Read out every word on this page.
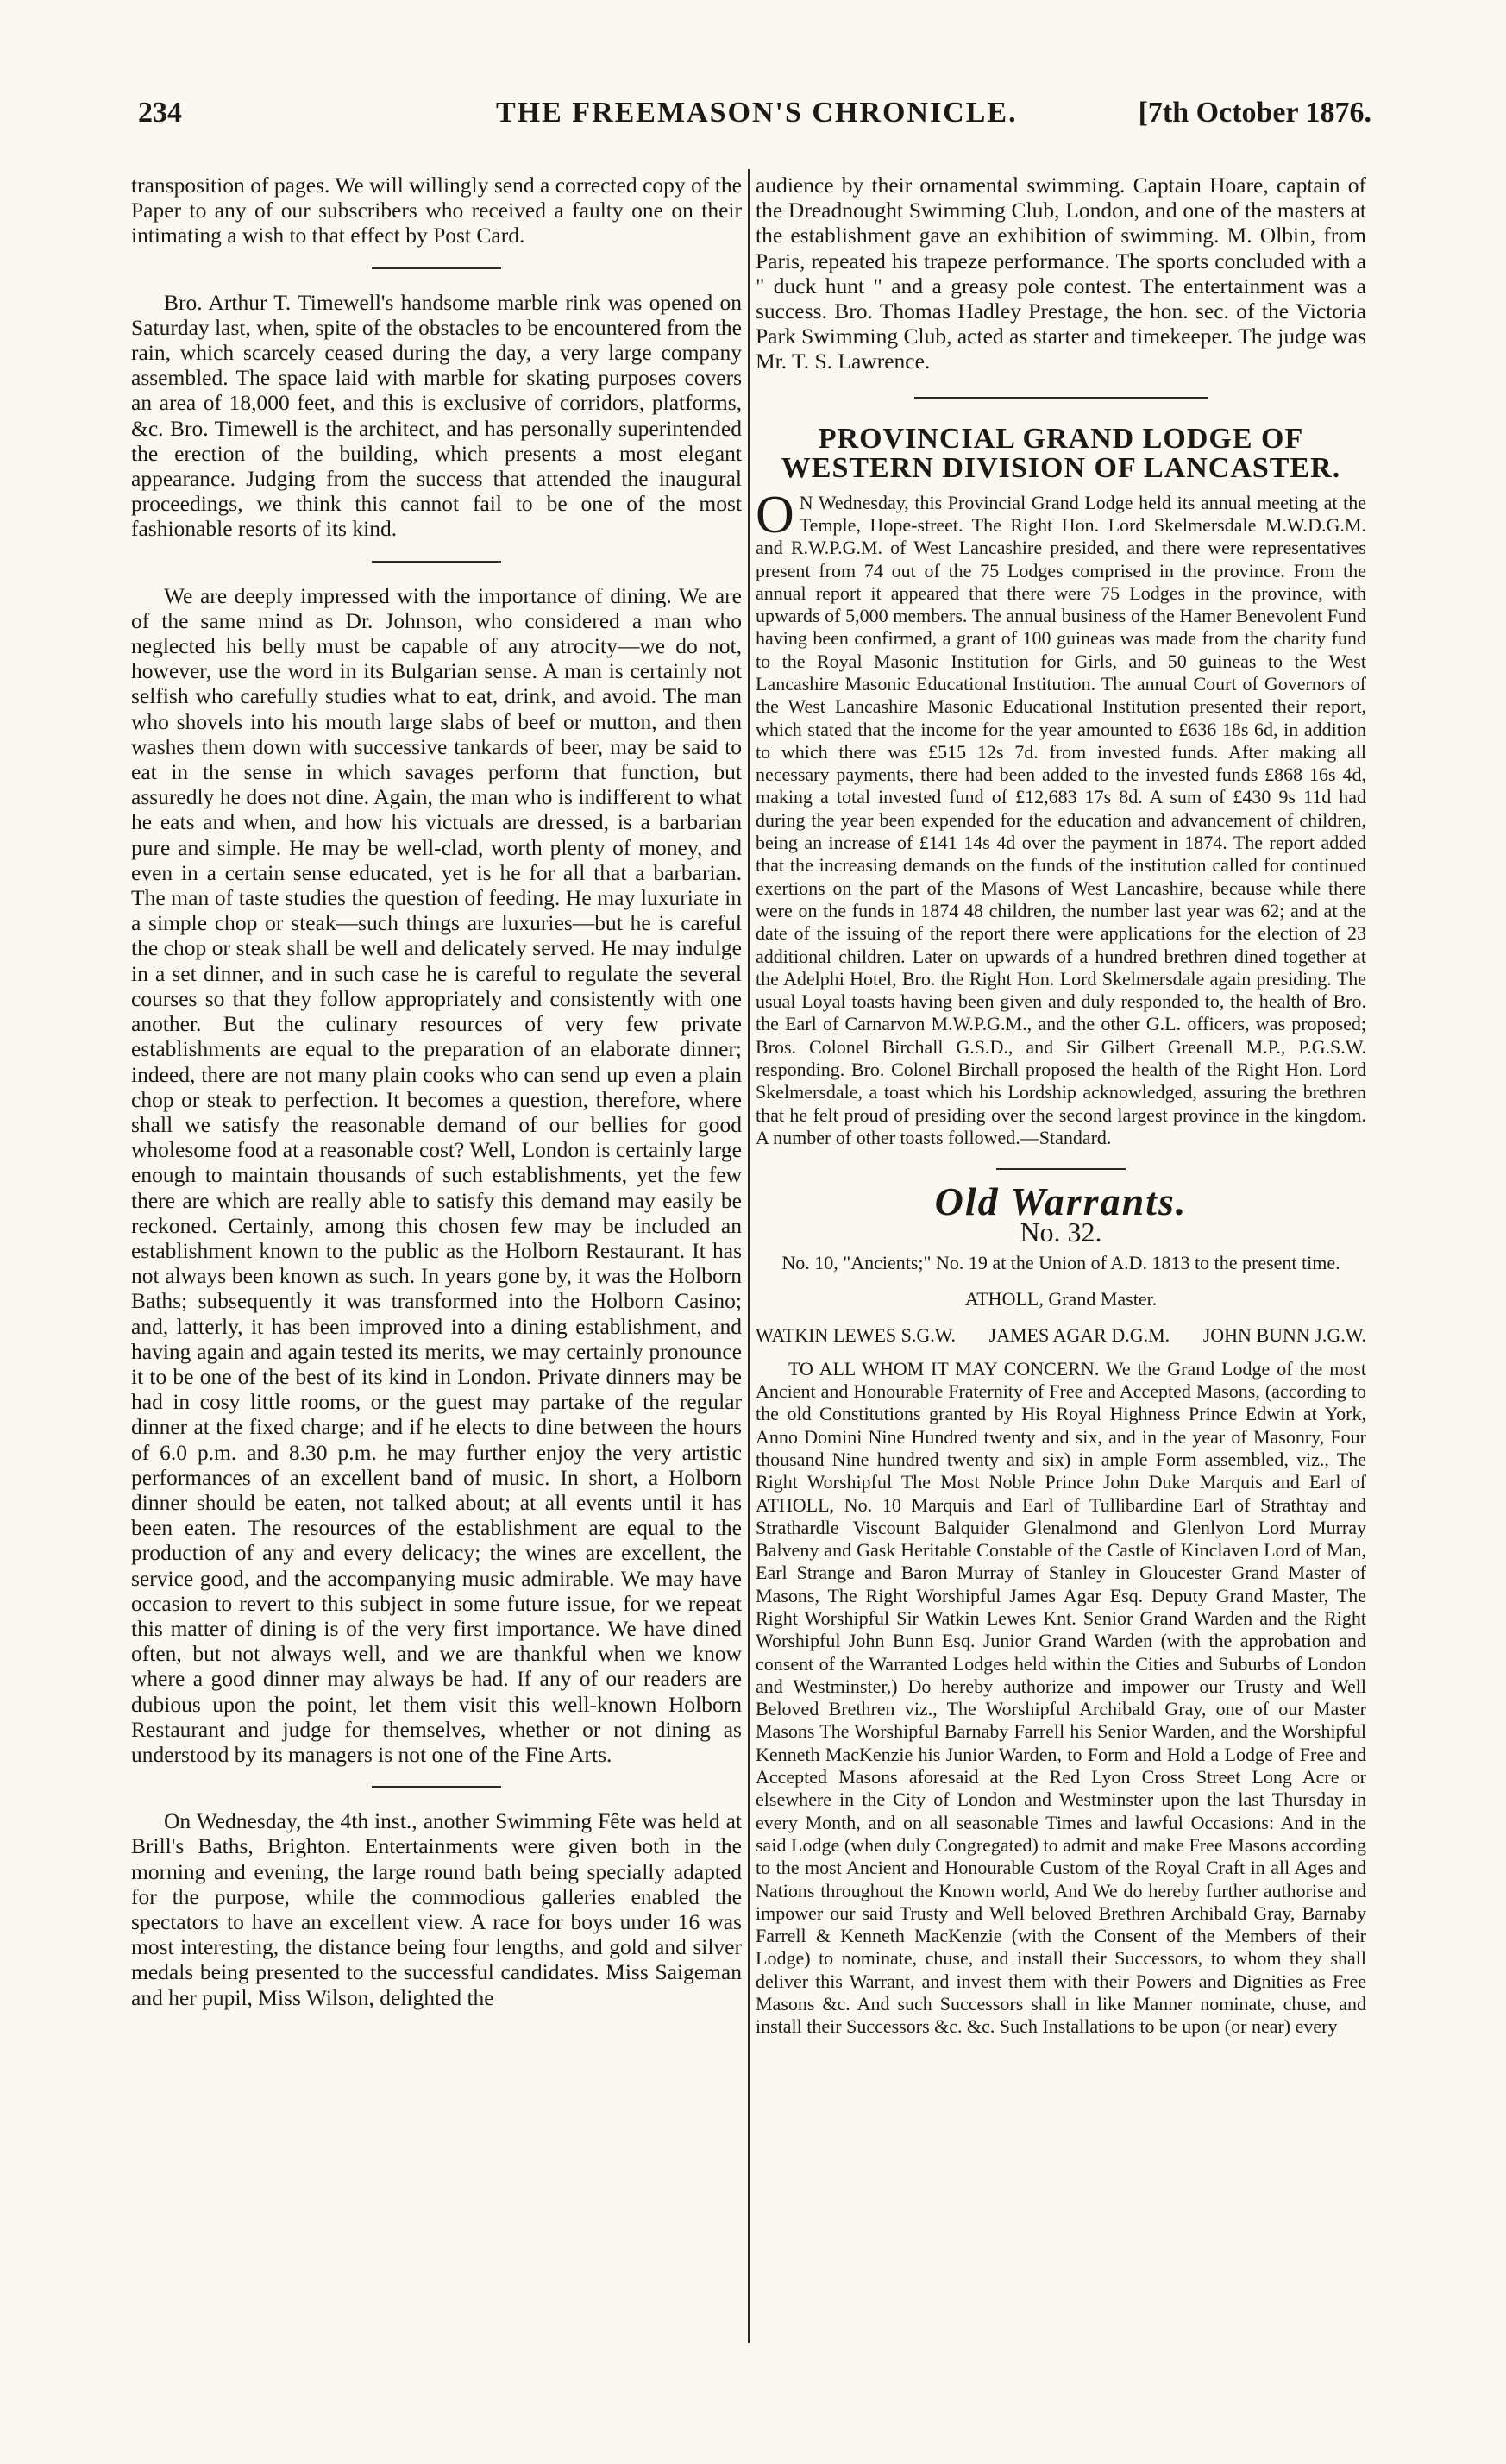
234	THE FREEMASON'S CHRONICLE.	[7th October 1876.

transposition of pages. We will willingly send a corrected copy of the Paper to any of our subscribers who received a faulty one on their intimating a wish to that effect by Post Card.

Bro. Arthur T. Timewell's handsome marble rink was opened on Saturday last, when, spite of the obstacles to be encountered from the rain, which scarcely ceased during the day, a very large company assembled. The space laid with marble for skating purposes covers an area of 18,000 feet, and this is exclusive of corridors, platforms, &c. Bro. Timewell is the architect, and has personally superintended the erection of the building, which presents a most elegant appearance. Judging from the success that attended the inaugural proceedings, we think this cannot fail to be one of the most fashionable resorts of its kind.

We are deeply impressed with the importance of dining. We are of the same mind as Dr. Johnson, who considered a man who neglected his belly must be capable of any atrocity—we do not, however, use the word in its Bulgarian sense. A man is certainly not selfish who carefully studies what to eat, drink, and avoid. The man who shovels into his mouth large slabs of beef or mutton, and then washes them down with successive tankards of beer, may be said to eat in the sense in which savages perform that function, but assuredly he does not dine. Again, the man who is indifferent to what he eats and when, and how his victuals are dressed, is a barbarian pure and simple. He may be well-clad, worth plenty of money, and even in a certain sense educated, yet is he for all that a barbarian. The man of taste studies the question of feeding. He may luxuriate in a simple chop or steak—such things are luxuries—but he is careful the chop or steak shall be well and delicately served. He may indulge in a set dinner, and in such case he is careful to regulate the several courses so that they follow appropriately and consistently with one another. But the culinary resources of very few private establishments are equal to the preparation of an elaborate dinner; indeed, there are not many plain cooks who can send up even a plain chop or steak to perfection. It becomes a question, therefore, where shall we satisfy the reasonable demand of our bellies for good wholesome food at a reasonable cost? Well, London is certainly large enough to maintain thousands of such establishments, yet the few there are which are really able to satisfy this demand may easily be reckoned. Certainly, among this chosen few may be included an establishment known to the public as the Holborn Restaurant. It has not always been known as such. In years gone by, it was the Holborn Baths; subsequently it was transformed into the Holborn Casino; and, latterly, it has been improved into a dining establishment, and having again and again tested its merits, we may certainly pronounce it to be one of the best of its kind in London. Private dinners may be had in cosy little rooms, or the guest may partake of the regular dinner at the fixed charge; and if he elects to dine between the hours of 6.0 p.m. and 8.30 p.m. he may further enjoy the very artistic performances of an excellent band of music. In short, a Holborn dinner should be eaten, not talked about; at all events until it has been eaten. The resources of the establishment are equal to the production of any and every delicacy; the wines are excellent, the service good, and the accompanying music admirable. We may have occasion to revert to this subject in some future issue, for we repeat this matter of dining is of the very first importance. We have dined often, but not always well, and we are thankful when we know where a good dinner may always be had. If any of our readers are dubious upon the point, let them visit this well-known Holborn Restaurant and judge for themselves, whether or not dining as understood by its managers is not one of the Fine Arts.

On Wednesday, the 4th inst., another Swimming Fête was held at Brill's Baths, Brighton. Entertainments were given both in the morning and evening, the large round bath being specially adapted for the purpose, while the commodious galleries enabled the spectators to have an excellent view. A race for boys under 16 was most interesting, the distance being four lengths, and gold and silver medals being presented to the successful candidates. Miss Saigeman and her pupil, Miss Wilson, delighted the

audience by their ornamental swimming. Captain Hoare, captain of the Dreadnought Swimming Club, London, and one of the masters at the establishment gave an exhibition of swimming. M. Olbin, from Paris, repeated his trapeze performance. The sports concluded with a " duck hunt " and a greasy pole contest. The entertainment was a success. Bro. Thomas Hadley Prestage, the hon. sec. of the Victoria Park Swimming Club, acted as starter and timekeeper. The judge was Mr. T. S. Lawrence.

PROVINCIAL GRAND LODGE OF WESTERN DIVISION OF LANCASTER.

O N Wednesday, this Provincial Grand Lodge held its annual meeting at the Temple, Hope-street. The Right Hon. Lord Skelmersdale M.W.D.G.M. and R.W.P.G.M. of West Lancashire presided, and there were representatives present from 74 out of the 75 Lodges comprised in the province. From the annual report it appeared that there were 75 Lodges in the province, with upwards of 5,000 members. The annual business of the Hamer Benevolent Fund having been confirmed, a grant of 100 guineas was made from the charity fund to the Royal Masonic Institution for Girls, and 50 guineas to the West Lancashire Masonic Educational Institution. The annual Court of Governors of the West Lancashire Masonic Educational Institution presented their report, which stated that the income for the year amounted to £636 18s 6d, in addition to which there was £515 12s 7d. from invested funds. After making all necessary payments, there had been added to the invested funds £868 16s 4d, making a total invested fund of £12,683 17s 8d. A sum of £430 9s 11d had during the year been expended for the education and advancement of children, being an increase of £141 14s 4d over the payment in 1874. The report added that the increasing demands on the funds of the institution called for continued exertions on the part of the Masons of West Lancashire, because while there were on the funds in 1874 48 children, the number last year was 62; and at the date of the issuing of the report there were applications for the election of 23 additional children. Later on upwards of a hundred brethren dined together at the Adelphi Hotel, Bro. the Right Hon. Lord Skelmersdale again presiding. The usual Loyal toasts having been given and duly responded to, the health of Bro. the Earl of Carnarvon M.W.P.G.M., and the other G.L. officers, was proposed; Bros. Colonel Birchall G.S.D., and Sir Gilbert Greenall M.P., P.G.S.W. responding. Bro. Colonel Birchall proposed the health of the Right Hon. Lord Skelmersdale, a toast which his Lordship acknowledged, assuring the brethren that he felt proud of presiding over the second largest province in the kingdom. A number of other toasts followed.—Standard.

Old Warrants.
No. 32.

No. 10, "Ancients;" No. 19 at the Union of A.D. 1813 to the present time.

ATHOLL, Grand Master.

WATKIN LEWES S.G.W. JAMES AGAR D.G.M. JOHN BUNN J.G.W.

TO ALL WHOM IT MAY CONCERN. We the Grand Lodge of the most Ancient and Honourable Fraternity of Free and Accepted Masons, (according to the old Constitutions granted by His Royal Highness Prince Edwin at York, Anno Domini Nine Hundred twenty and six, and in the year of Masonry, Four thousand Nine hundred twenty and six) in ample Form assembled, viz., The Right Worshipful The Most Noble Prince John Duke Marquis and Earl of ATHOLL, No. 10 Marquis and Earl of Tullibardine Earl of Strathtay and Strathardle Viscount Balquider Glenalmond and Glenlyon Lord Murray Balveny and Gask Heritable Constable of the Castle of Kinclaven Lord of Man, Earl Strange and Baron Murray of Stanley in Gloucester Grand Master of Masons, The Right Worshipful James Agar Esq. Deputy Grand Master, The Right Worshipful Sir Watkin Lewes Knt. Senior Grand Warden and the Right Worshipful John Bunn Esq. Junior Grand Warden (with the approbation and consent of the Warranted Lodges held within the Cities and Suburbs of London and Westminster,) Do hereby authorize and impower our Trusty and Well Beloved Brethren viz., The Worshipful Archibald Gray, one of our Master Masons The Worshipful Barnaby Farrell his Senior Warden, and the Worshipful Kenneth MacKenzie his Junior Warden, to Form and Hold a Lodge of Free and Accepted Masons aforesaid at the Red Lyon Cross Street Long Acre or elsewhere in the City of London and Westminster upon the last Thursday in every Month, and on all seasonable Times and lawful Occasions: And in the said Lodge (when duly Congregated) to admit and make Free Masons according to the most Ancient and Honourable Custom of the Royal Craft in all Ages and Nations throughout the Known world, And We do hereby further authorise and impower our said Trusty and Well beloved Brethren Archibald Gray, Barnaby Farrell & Kenneth MacKenzie (with the Consent of the Members of their Lodge) to nominate, chuse, and install their Successors, to whom they shall deliver this Warrant, and invest them with their Powers and Dignities as Free Masons &c. And such Successors shall in like Manner nominate, chuse, and install their Successors &c. &c. Such Installations to be upon (or near) every
